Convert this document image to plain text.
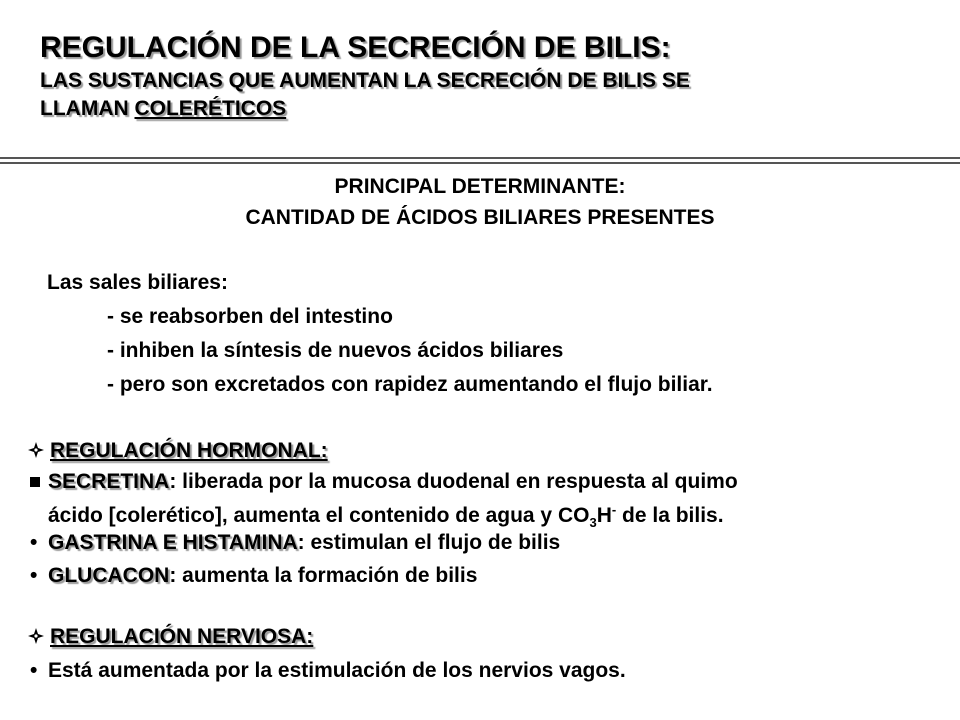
REGULACIÓN DE LA SECRECIÓN DE BILIS:
LAS SUSTANCIAS QUE AUMENTAN LA SECRECIÓN DE BILIS SE
LLAMAN COLERÉTICOS
PRINCIPAL DETERMINANTE:
CANTIDAD DE ÁCIDOS BILIARES PRESENTES
Las sales biliares:
- se reabsorben del intestino
- inhiben la síntesis de nuevos ácidos biliares
- pero son excretados con rapidez aumentando el flujo biliar.
REGULACIÓN HORMONAL:
SECRETINA: liberada por la mucosa duodenal en respuesta al quimo
ácido [colerético], aumenta el contenido de agua y $CO_3H^-$ de la bilis.
• GASTRINA E HISTAMINA: estimulan el flujo de bilis
• GLUCACON: aumenta la formación de bilis
REGULACIÓN NERVIOSA:
• Está aumentada por la estimulación de los nervios vagos.
